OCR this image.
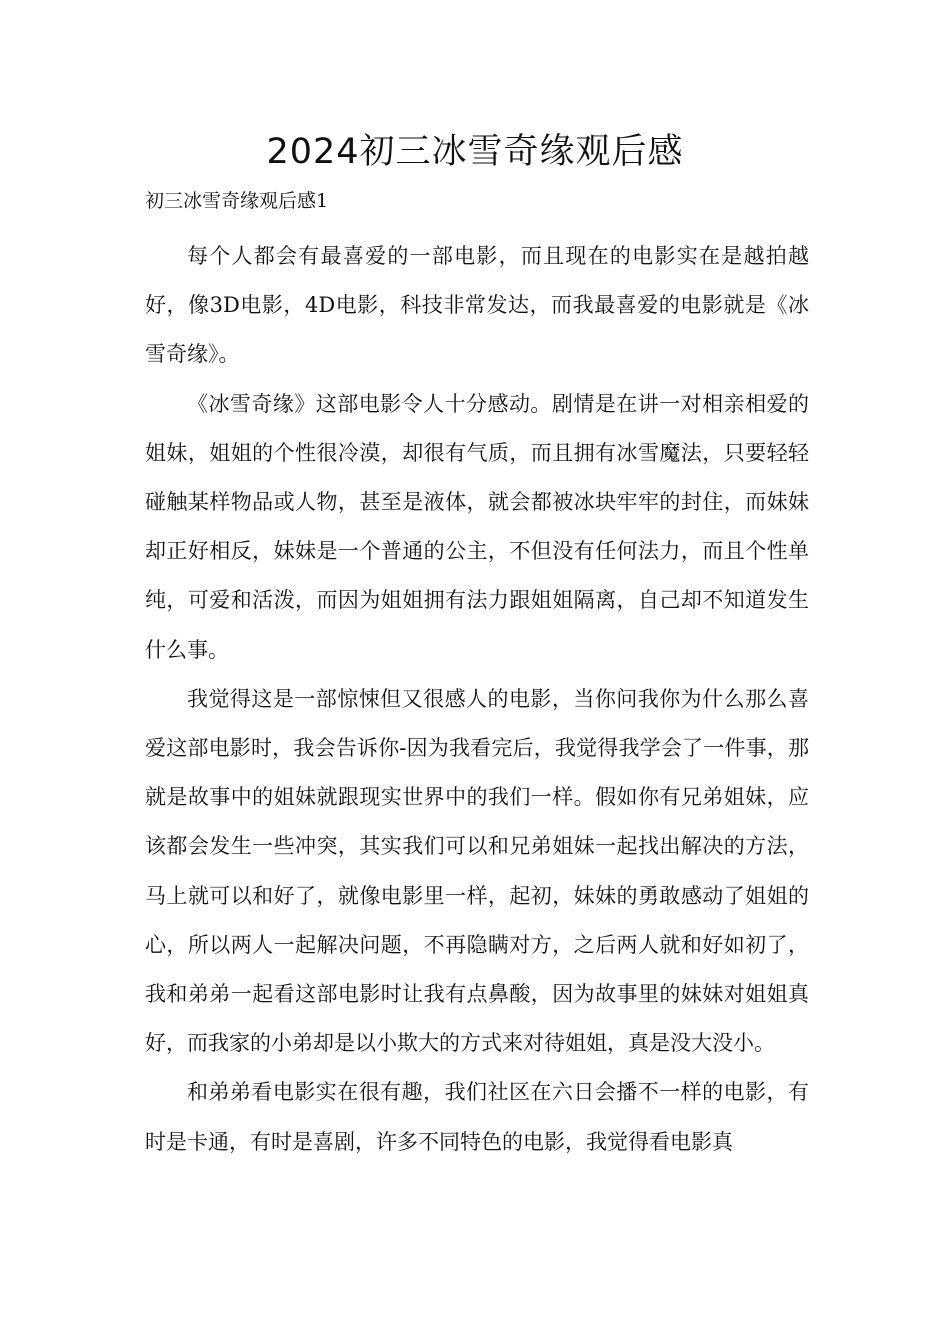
2024初三冰雪奇缘观后感

初三冰雪奇缘观后感1

每个人都会有最喜爱的一部电影，而且现在的电影实在是越拍越好，像3D电影，4D电影，科技非常发达，而我最喜爱的电影就是《冰雪奇缘》。

《冰雪奇缘》这部电影令人十分感动。剧情是在讲一对相亲相爱的姐妹，姐姐的个性很冷漠，却很有气质，而且拥有冰雪魔法，只要轻轻碰触某样物品或人物，甚至是液体，就会都被冰块牢牢的封住，而妹妹却正好相反，妹妹是一个普通的公主，不但没有任何法力，而且个性单纯，可爱和活泼，而因为姐姐拥有法力跟姐姐隔离，自己却不知道发生什么事。

我觉得这是一部惊悚但又很感人的电影，当你问我你为什么那么喜爱这部电影时，我会告诉你-因为我看完后，我觉得我学会了一件事，那就是故事中的姐妹就跟现实世界中的我们一样。假如你有兄弟姐妹，应该都会发生一些冲突，其实我们可以和兄弟姐妹一起找出解决的方法，马上就可以和好了，就像电影里一样，起初，妹妹的勇敢感动了姐姐的心，所以两人一起解决问题，不再隐瞒对方，之后两人就和好如初了，我和弟弟一起看这部电影时让我有点鼻酸，因为故事里的妹妹对姐姐真好，而我家的小弟却是以小欺大的方式来对待姐姐，真是没大没小。

和弟弟看电影实在很有趣，我们社区在六日会播不一样的电影，有时是卡通，有时是喜剧，许多不同特色的电影，我觉得看电影真
